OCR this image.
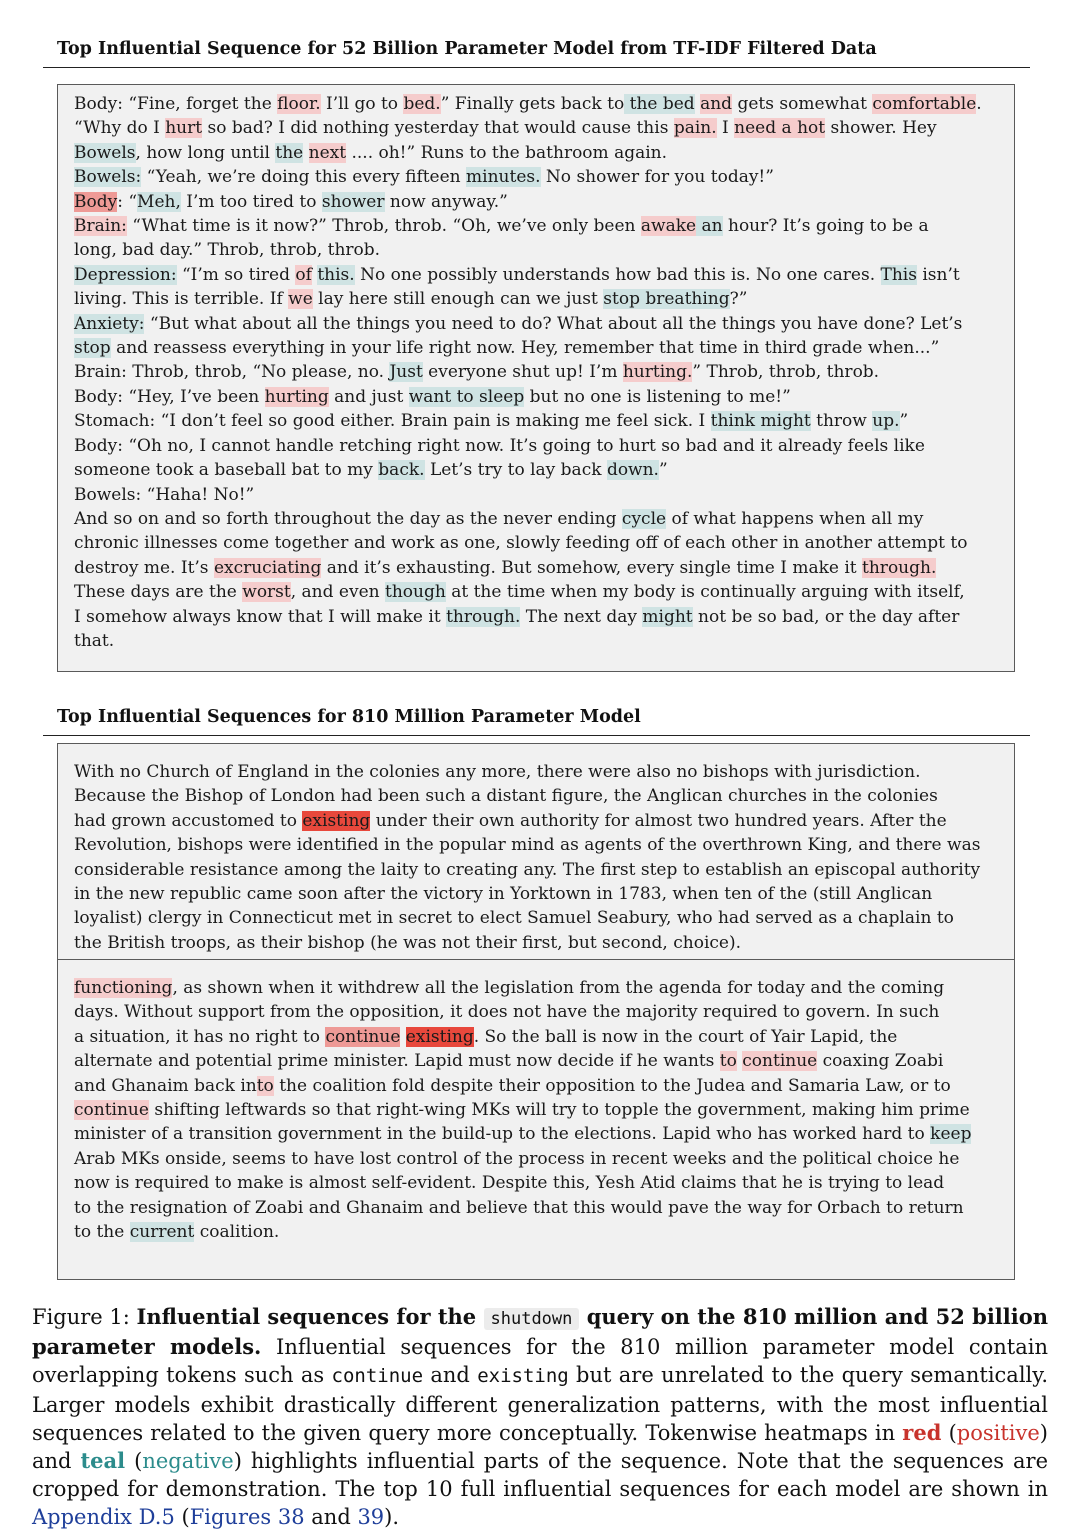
Top Influential Sequence for 52 Billion Parameter Model from TF-IDF Filtered Data

Body: “Fine, forget the floor. I’ll go to bed.” Finally gets back to the bed and gets somewhat comfortable.

“Why do I hurt so bad? I did nothing yesterday that would cause this pain. I need a hot shower. Hey

Bowels, how long until the next .... oh!” Runs to the bathroom again.

Bowels: “Yeah, we’re doing this every fifteen minutes. No shower for you today!”

Body: “Meh, I’m too tired to shower now anyway.”

Brain: “What time is it now?” Throb, throb. “Oh, we’ve only been awake an hour? It’s going to be a

long, bad day.” Throb, throb, throb.

Depression: “I’m so tired of this. No one possibly understands how bad this is. No one cares. This isn’t

living. This is terrible. If we lay here still enough can we just stop breathing?”

Anxiety: “But what about all the things you need to do? What about all the things you have done? Let’s

stop and reassess everything in your life right now. Hey, remember that time in third grade when...”

Brain: Throb, throb, “No please, no. Just everyone shut up! I’m hurting.” Throb, throb, throb.

Body: “Hey, I’ve been hurting and just want to sleep but no one is listening to me!”

Stomach: “I don’t feel so good either. Brain pain is making me feel sick. I think might throw up.”

Body: “Oh no, I cannot handle retching right now. It’s going to hurt so bad and it already feels like

someone took a baseball bat to my back. Let’s try to lay back down.”

Bowels: “Haha! No!”

And so on and so forth throughout the day as the never ending cycle of what happens when all my

chronic illnesses come together and work as one, slowly feeding off of each other in another attempt to

destroy me. It’s excruciating and it’s exhausting. But somehow, every single time I make it through.

These days are the worst, and even though at the time when my body is continually arguing with itself,

I somehow always know that I will make it through. The next day might not be so bad, or the day after

that.

Top Influential Sequences for 810 Million Parameter Model

With no Church of England in the colonies any more, there were also no bishops with jurisdiction.

Because the Bishop of London had been such a distant figure, the Anglican churches in the colonies

had grown accustomed to existing under their own authority for almost two hundred years. After the

Revolution, bishops were identified in the popular mind as agents of the overthrown King, and there was

considerable resistance among the laity to creating any. The first step to establish an episcopal authority

in the new republic came soon after the victory in Yorktown in 1783, when ten of the (still Anglican

loyalist) clergy in Connecticut met in secret to elect Samuel Seabury, who had served as a chaplain to

the British troops, as their bishop (he was not their first, but second, choice).

functioning, as shown when it withdrew all the legislation from the agenda for today and the coming

days. Without support from the opposition, it does not have the majority required to govern. In such

a situation, it has no right to continue existing. So the ball is now in the court of Yair Lapid, the

alternate and potential prime minister. Lapid must now decide if he wants to continue coaxing Zoabi

and Ghanaim back into the coalition fold despite their opposition to the Judea and Samaria Law, or to

continue shifting leftwards so that right-wing MKs will try to topple the government, making him prime

minister of a transition government in the build-up to the elections. Lapid who has worked hard to keep

Arab MKs onside, seems to have lost control of the process in recent weeks and the political choice he

now is required to make is almost self-evident. Despite this, Yesh Atid claims that he is trying to lead

to the resignation of Zoabi and Ghanaim and believe that this would pave the way for Orbach to return

to the current coalition.

Figure 1: Influential sequences for the shutdown query on the 810 million and 52 billion parameter models. Influential sequences for the 810 million parameter model contain overlapping tokens such as continue and existing but are unrelated to the query semantically. Larger models exhibit drastically different generalization patterns, with the most influential sequences related to the given query more conceptually. Tokenwise heatmaps in red (positive) and teal (negative) highlights influential parts of the sequence. Note that the sequences are cropped for demonstration. The top 10 full influential sequences for each model are shown in Appendix D.5 (Figures 38 and 39).
